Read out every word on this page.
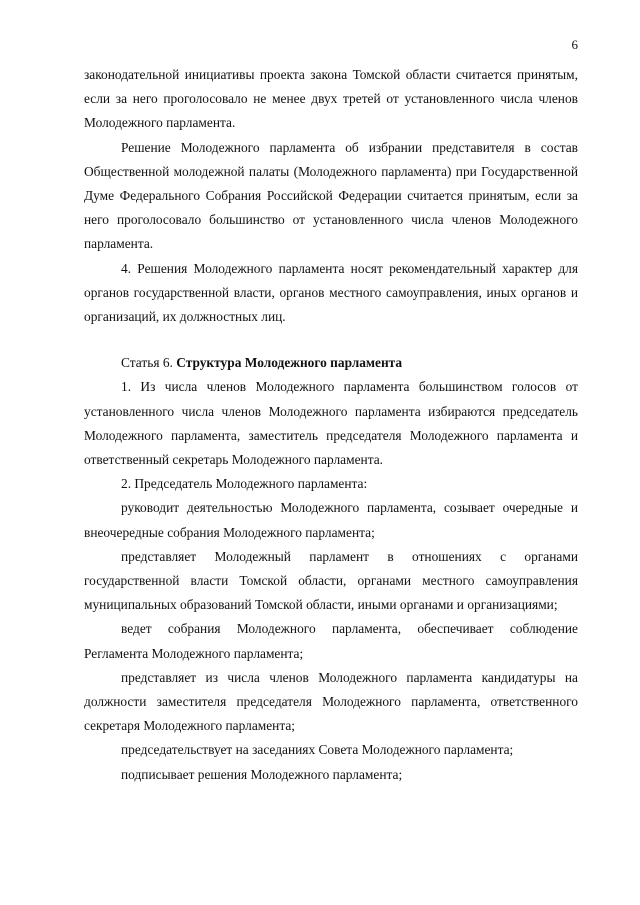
6

законодательной инициативы проекта закона Томской области считается принятым, если за него проголосовало не менее двух третей от установленного числа членов Молодежного парламента.

Решение Молодежного парламента об избрании представителя в состав Общественной молодежной палаты (Молодежного парламента) при Государственной Думе Федерального Собрания Российской Федерации считается принятым, если за него проголосовало большинство от установленного числа членов Молодежного парламента.

4. Решения Молодежного парламента носят рекомендательный характер для органов государственной власти, органов местного самоуправления, иных органов и организаций, их должностных лиц.

Статья 6. Структура Молодежного парламента

1. Из числа членов Молодежного парламента большинством голосов от установленного числа членов Молодежного парламента избираются председатель Молодежного парламента, заместитель председателя Молодежного парламента и ответственный секретарь Молодежного парламента.

2. Председатель Молодежного парламента:

руководит деятельностью Молодежного парламента, созывает очередные и внеочередные собрания Молодежного парламента;

представляет Молодежный парламент в отношениях с органами государственной власти Томской области, органами местного самоуправления муниципальных образований Томской области, иными органами и организациями;

ведет собрания Молодежного парламента, обеспечивает соблюдение Регламента Молодежного парламента;

представляет из числа членов Молодежного парламента кандидатуры на должности заместителя председателя Молодежного парламента, ответственного секретаря Молодежного парламента;

председательствует на заседаниях Совета Молодежного парламента;

подписывает решения Молодежного парламента;
